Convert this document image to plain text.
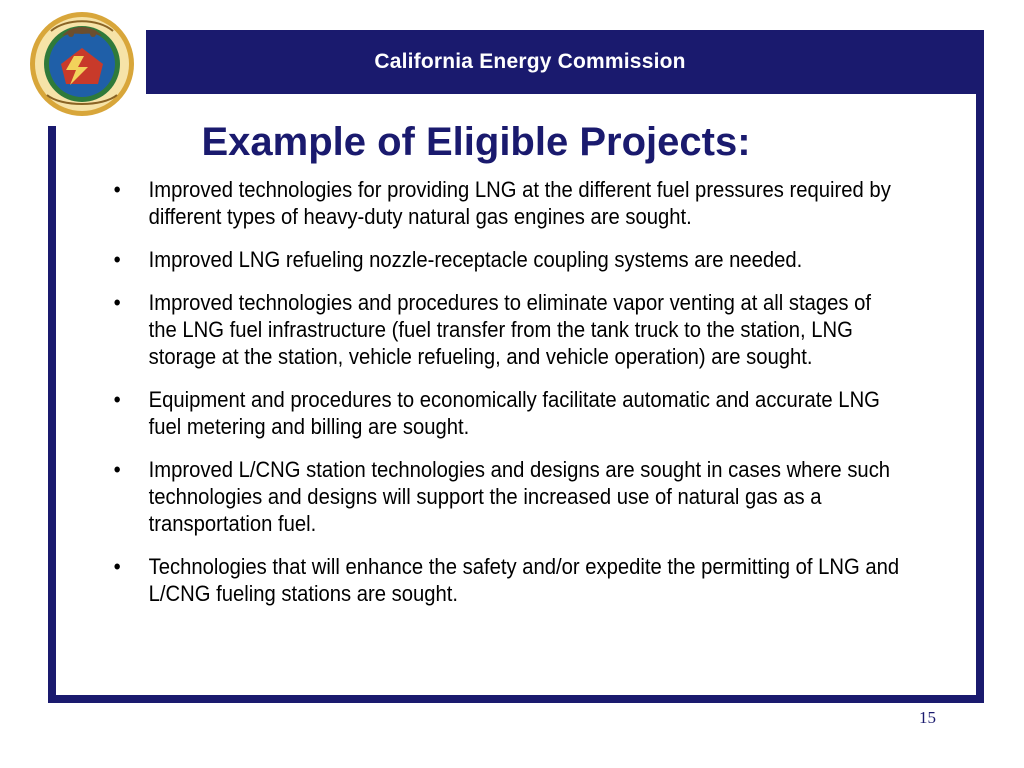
California Energy Commission
Example of Eligible Projects:
• Improved technologies for providing LNG at the different fuel pressures required by different types of heavy-duty natural gas engines are sought.
• Improved LNG refueling nozzle-receptacle coupling systems are needed.
• Improved technologies and procedures to eliminate vapor venting at all stages of the LNG fuel infrastructure (fuel transfer from the tank truck to the station, LNG storage at the station, vehicle refueling, and vehicle operation) are sought.
• Equipment and procedures to economically facilitate automatic and accurate LNG fuel metering and billing are sought.
• Improved L/CNG station technologies and designs are sought in cases where such technologies and designs will support the increased use of natural gas as a transportation fuel.
• Technologies that will enhance the safety and/or expedite the permitting of LNG and L/CNG fueling stations are sought.
15
